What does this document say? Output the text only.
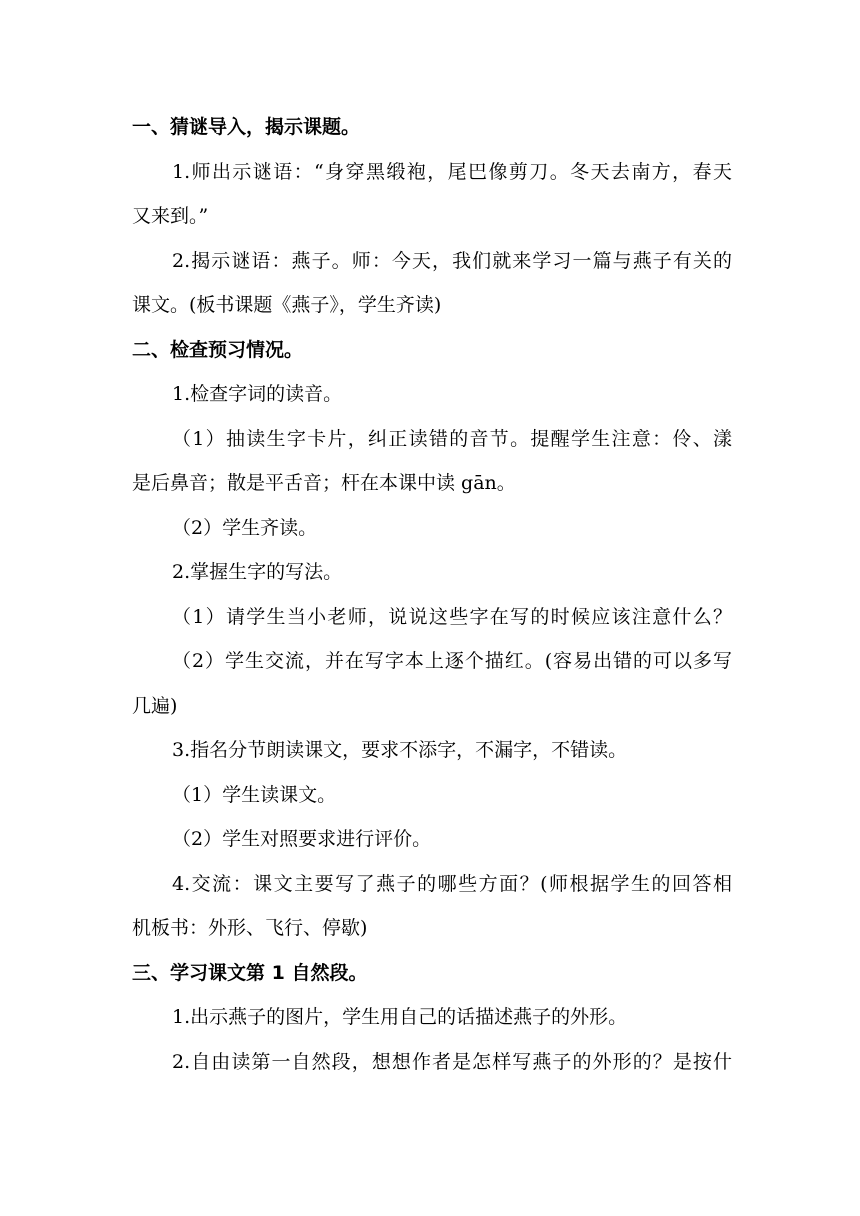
一、猜谜导入，揭示课题。
1.师出示谜语：“身穿黑缎袍，尾巴像剪刀。冬天去南方，春天
又来到。”
2.揭示谜语：燕子。师：今天，我们就来学习一篇与燕子有关的
课文。(板书课题《燕子》，学生齐读)
二、检查预习情况。
1.检查字词的读音。
（1）抽读生字卡片，纠正读错的音节。提醒学生注意：伶、漾
是后鼻音；散是平舌音；杆在本课中读 gān。
（2）学生齐读。
2.掌握生字的写法。
（1）请学生当小老师，说说这些字在写的时候应该注意什么？
（2）学生交流，并在写字本上逐个描红。(容易出错的可以多写
几遍)
3.指名分节朗读课文，要求不添字，不漏字，不错读。
（1）学生读课文。
（2）学生对照要求进行评价。
4.交流：课文主要写了燕子的哪些方面？(师根据学生的回答相
机板书：外形、飞行、停歇)
三、学习课文第 1 自然段。
1.出示燕子的图片，学生用自己的话描述燕子的外形。
2.自由读第一自然段，想想作者是怎样写燕子的外形的？是按什
